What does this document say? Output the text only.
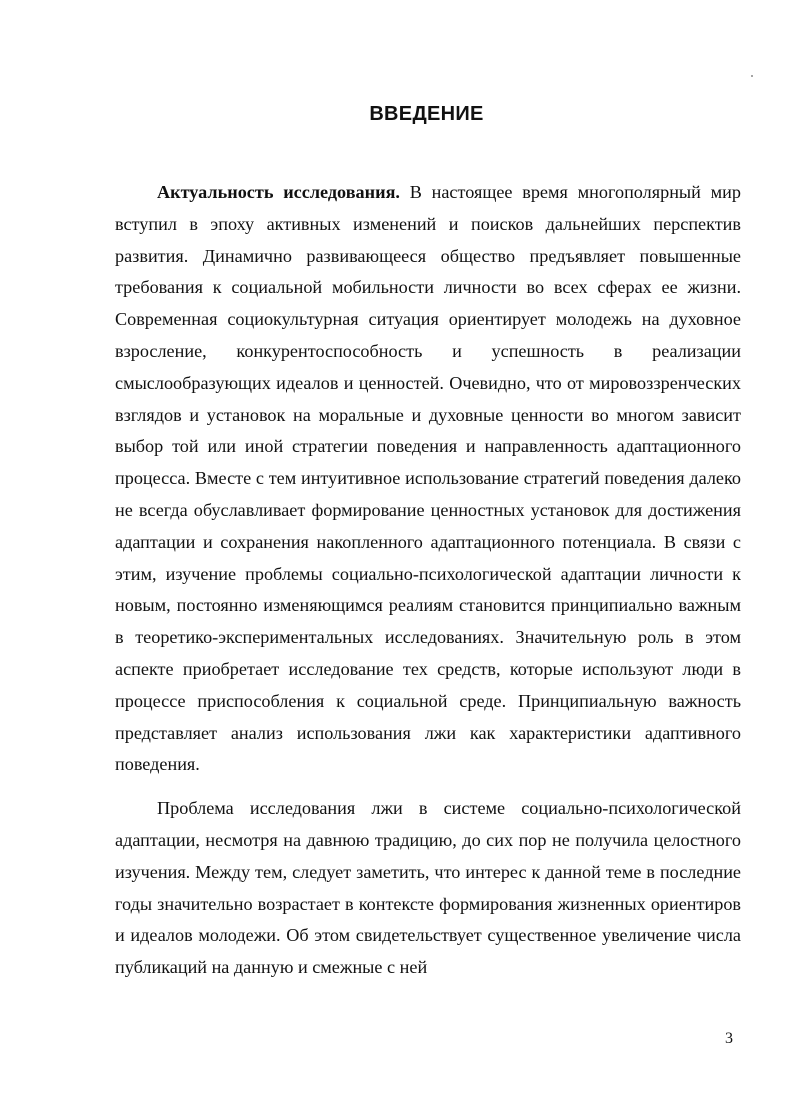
ВВЕДЕНИЕ

Актуальность исследования. В настоящее время многополярный мир вступил в эпоху активных изменений и поисков дальнейших перспектив развития. Динамично развивающееся общество предъявляет повышенные требования к социальной мобильности личности во всех сферах ее жизни. Современная социокультурная ситуация ориентирует молодежь на духовное взросление, конкурентоспособность и успешность в реализации смыслообразующих идеалов и ценностей. Очевидно, что от мировоззренческих взглядов и установок на моральные и духовные ценности во многом зависит выбор той или иной стратегии поведения и направленность адаптационного процесса. Вместе с тем интуитивное использование стратегий поведения далеко не всегда обуславливает формирование ценностных установок для достижения адаптации и сохранения накопленного адаптационного потенциала. В связи с этим, изучение проблемы социально-психологической адаптации личности к новым, постоянно изменяющимся реалиям становится принципиально важным в теоретико-экспериментальных исследованиях. Значительную роль в этом аспекте приобретает исследование тех средств, которые используют люди в процессе приспособления к социальной среде. Принципиальную важность представляет анализ использования лжи как характеристики адаптивного поведения.

Проблема исследования лжи в системе социально-психологической адаптации, несмотря на давнюю традицию, до сих пор не получила целостного изучения. Между тем, следует заметить, что интерес к данной теме в последние годы значительно возрастает в контексте формирования жизненных ориентиров и идеалов молодежи. Об этом свидетельствует существенное увеличение числа публикаций на данную и смежные с ней

3
